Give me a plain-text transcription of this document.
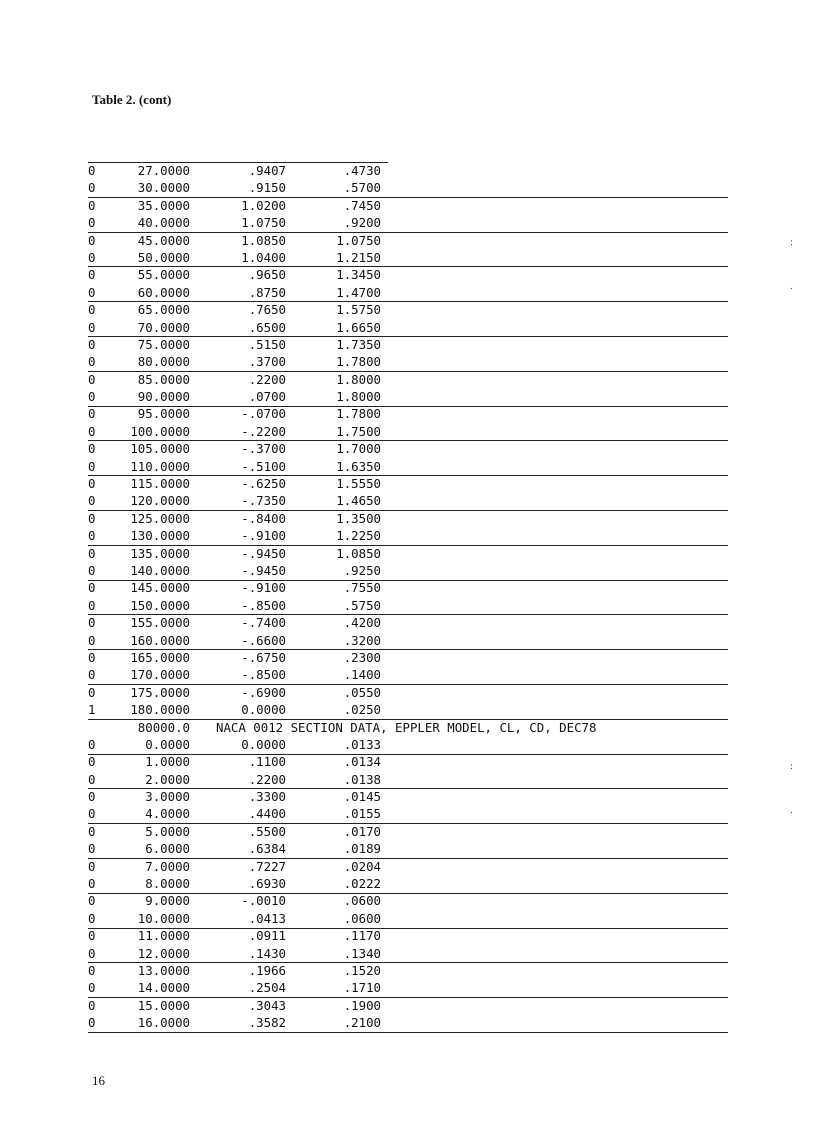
Table 2. (cont)
0	27.0000	.9407	.4730
0	30.0000	.9150	.5700
0	35.0000	1.0200	.7450
0	40.0000	1.0750	.9200
0	45.0000	1.0850	1.0750
0	50.0000	1.0400	1.2150
0	55.0000	.9650	1.3450
0	60.0000	.8750	1.4700
0	65.0000	.7650	1.5750
0	70.0000	.6500	1.6650
0	75.0000	.5150	1.7350
0	80.0000	.3700	1.7800
0	85.0000	.2200	1.8000
0	90.0000	.0700	1.8000
0	95.0000	-.0700	1.7800
0	100.0000	-.2200	1.7500
0	105.0000	-.3700	1.7000
0	110.0000	-.5100	1.6350
0	115.0000	-.6250	1.5550
0	120.0000	-.7350	1.4650
0	125.0000	-.8400	1.3500
0	130.0000	-.9100	1.2250
0	135.0000	-.9450	1.0850
0	140.0000	-.9450	.9250
0	145.0000	-.9100	.7550
0	150.0000	-.8500	.5750
0	155.0000	-.7400	.4200
0	160.0000	-.6600	.3200
0	165.0000	-.6750	.2300
0	170.0000	-.8500	.1400
0	175.0000	-.6900	.0550
1	180.0000	0.0000	.0250
80000.0 NACA 0012 SECTION DATA, EPPLER MODEL, CL, CD, DEC78
0	0.0000	0.0000	.0133
0	1.0000	.1100	.0134
0	2.0000	.2200	.0138
0	3.0000	.3300	.0145
0	4.0000	.4400	.0155
0	5.0000	.5500	.0170
0	6.0000	.6384	.0189
0	7.0000	.7227	.0204
0	8.0000	.6930	.0222
0	9.0000	-.0010	.0600
0	10.0000	.0413	.0600
0	11.0000	.0911	.1170
0	12.0000	.1430	.1340
0	13.0000	.1966	.1520
0	14.0000	.2504	.1710
0	15.0000	.3043	.1900
0	16.0000	.3582	.2100
16
:
.
:
.
